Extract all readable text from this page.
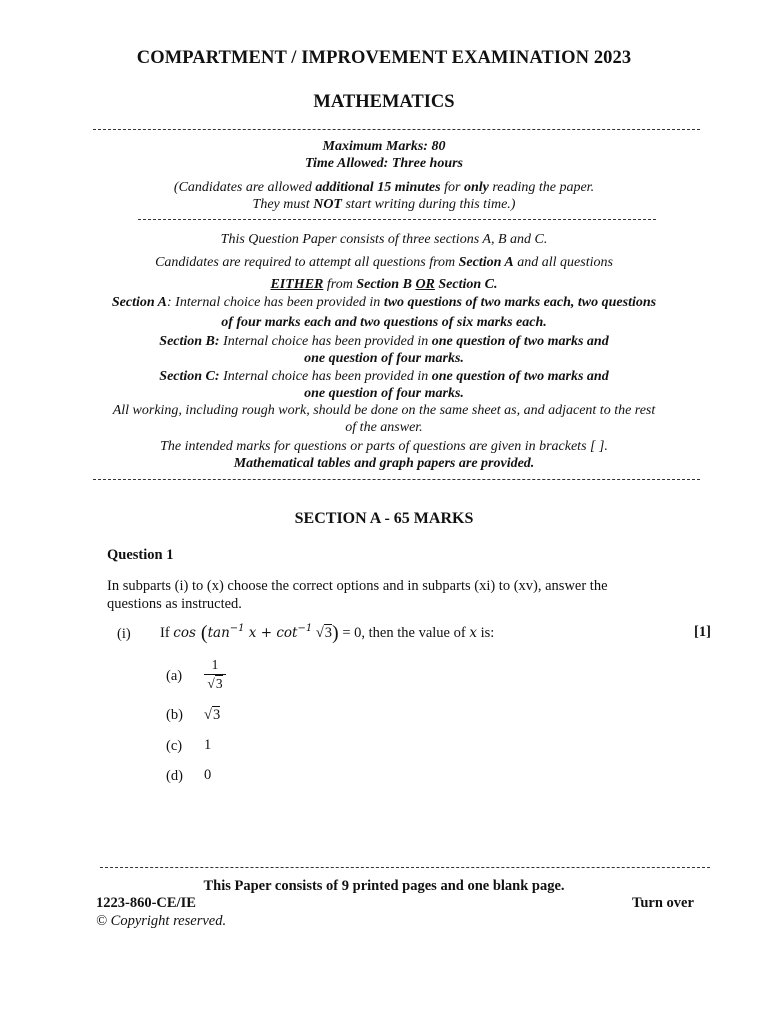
COMPARTMENT / IMPROVEMENT EXAMINATION 2023
MATHEMATICS
Maximum Marks: 80
Time Allowed: Three hours
(Candidates are allowed additional 15 minutes for only reading the paper.
They must NOT start writing during this time.)
This Question Paper consists of three sections A, B and C.
Candidates are required to attempt all questions from Section A and all questions
EITHER from Section B OR Section C.
Section A: Internal choice has been provided in two questions of two marks each, two questions
of four marks each and two questions of six marks each.
Section B: Internal choice has been provided in one question of two marks and
one question of four marks.
Section C: Internal choice has been provided in one question of two marks and
one question of four marks.
All working, including rough work, should be done on the same sheet as, and adjacent to the rest
of the answer.
The intended marks for questions or parts of questions are given in brackets [ ].
Mathematical tables and graph papers are provided.
SECTION A - 65 MARKS
Question 1
In subparts (i) to (x) choose the correct options and in subparts (xi) to (xv), answer the
questions as instructed.
(i) If $\cos (\tan^{-1}$ $x + \cot^{-1} √3) = 0$, then the value of x is:	[1]
$(a) \frac{1}{√3}$
(b) √3
(c) 1
(d) 0
This Paper consists of 9 printed pages and one blank page.
1223-860-CE/IE	Turn over
© Copyright reserved.
